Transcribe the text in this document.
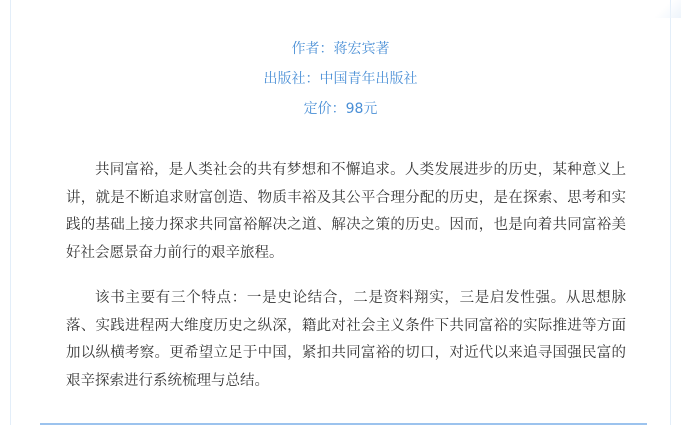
作者：蒋宏宾著
出版社：中国青年出版社
定价：98元

共同富裕，是人类社会的共有梦想和不懈追求。人类发展进步的历史，某种意义上讲，就是不断追求财富创造、物质丰裕及其公平合理分配的历史，是在探索、思考和实践的基础上接力探求共同富裕解决之道、解决之策的历史。因而，也是向着共同富裕美好社会愿景奋力前行的艰辛旅程。

该书主要有三个特点：一是史论结合，二是资料翔实，三是启发性强。从思想脉落、实践进程两大维度历史之纵深，籍此对社会主义条件下共同富裕的实际推进等方面加以纵横考察。更希望立足于中国，紧扣共同富裕的切口，对近代以来追寻国强民富的艰辛探索进行系统梳理与总结。
